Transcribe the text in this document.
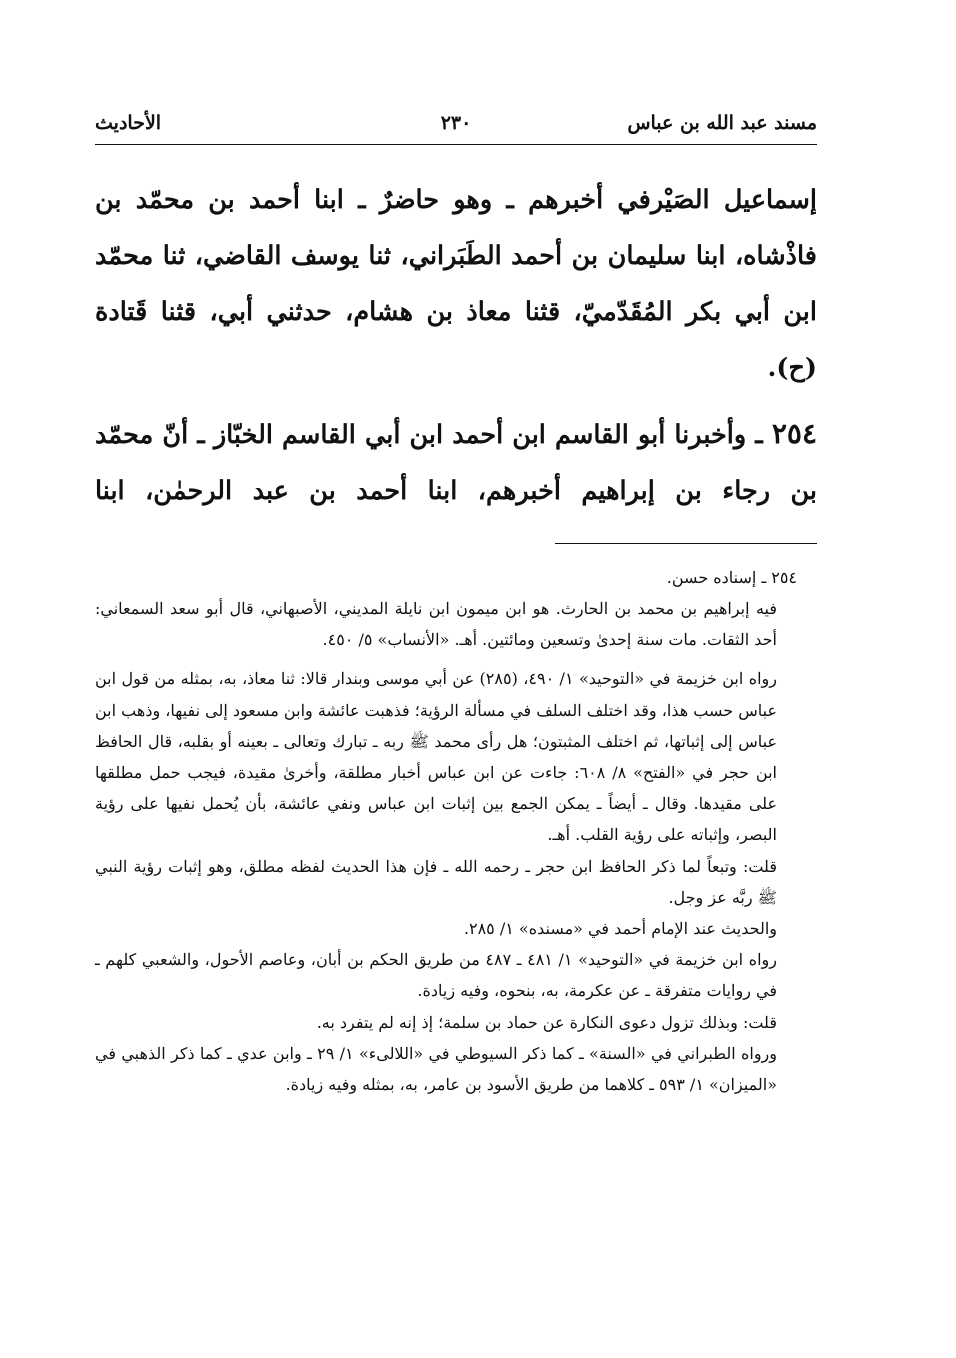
مسند عبد الله بن عباس
٢٣٠
الأحاديث

إسماعيل الصَيْرفي أخبرهم ـ وهو حاضرٌ ـ ابنا أحمد بن محمّد بن فاذْشاه، ابنا سليمان بن أحمد الطَبَراني، ثنا يوسف القاضي، ثنا محمّد ابن أبي بكر المُقَدّميّ، قثنا معاذ بن هشام، حدثني أبي، قثنا قَتادة (ح).

٢٥٤ ـ وأخبرنا أبو القاسم ابن أحمد ابن أبي القاسم الخبّاز ـ أنّ محمّد بن رجاء بن إبراهيم أخبرهم، ابنا أحمد بن عبد الرحمٰن، ابنا

٢٥٤ ـ إسناده حسن.
فيه إبراهيم بن محمد بن الحارث. هو ابن ميمون ابن نايلة المديني، الأصبهاني، قال أبو سعد السمعاني: أحد الثقات. مات سنة إحدىٰ وتسعين ومائتين. أهـ. «الأنساب» ٥/ ٤٥٠.
رواه ابن خزيمة في «التوحيد» ١/ ٤٩٠، (٢٨٥) عن أبي موسى وبندار قالا: ثنا معاذ، به، بمثله من قول ابن عباس حسب هذا، وقد اختلف السلف في مسألة الرؤية؛ فذهبت عائشة وابن مسعود إلى نفيها، وذهب ابن عباس إلى إثباتها، ثم اختلف المثبتون؛ هل رأى محمد ﷺ ربه ـ تبارك وتعالى ـ بعينه أو بقلبه، قال الحافظ ابن حجر في «الفتح» ٨/ ٦٠٨: جاءت عن ابن عباس أخبار مطلقة، وأخرىٰ مقيدة، فيجب حمل مطلقها على مقيدها. وقال ـ أيضاً ـ يمكن الجمع بين إثبات ابن عباس ونفي عائشة، بأن يُحمل نفيها على رؤية البصر، وإثباته على رؤية القلب. أهـ.
قلت: وتبعاً لما ذكر الحافظ ابن حجر ـ رحمه الله ـ فإن هذا الحديث لفظه مطلق، وهو إثبات رؤية النبي ﷺ ربَّه عز وجل.
والحديث عند الإمام أحمد في «مسنده» ١/ ٢٨٥.
رواه ابن خزيمة في «التوحيد» ١/ ٤٨١ ـ ٤٨٧ من طريق الحكم بن أبان، وعاصم الأحول، والشعبي كلهم ـ في روايات متفرقة ـ عن عكرمة، به، بنحوه، وفيه زيادة.
قلت: وبذلك تزول دعوى النكارة عن حماد بن سلمة؛ إذ إنه لم يتفرد به.
ورواه الطبراني في «السنة» ـ كما ذكر السيوطي في «اللالىء» ١/ ٢٩ ـ وابن عدي ـ كما ذكر الذهبي في «الميزان» ١/ ٥٩٣ ـ كلاهما من طريق الأسود بن عامر، به، بمثله وفيه زيادة.
